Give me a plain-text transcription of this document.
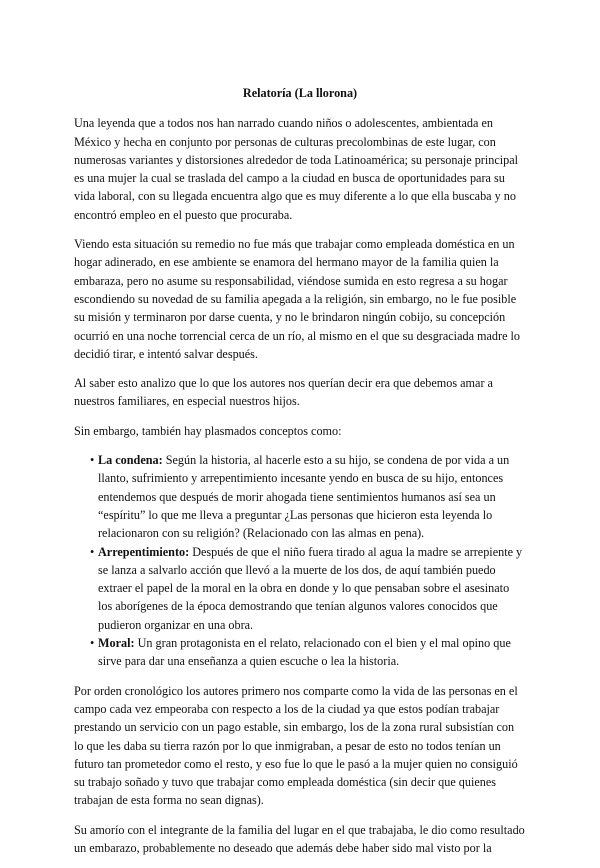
Relatoría (La llorona)

Una leyenda que a todos nos han narrado cuando niños o adolescentes, ambientada en México y hecha en conjunto por personas de culturas precolombinas de este lugar, con numerosas variantes y distorsiones alrededor de toda Latinoamérica; su personaje principal es una mujer la cual se traslada del campo a la ciudad en busca de oportunidades para su vida laboral, con su llegada encuentra algo que es muy diferente a lo que ella buscaba y no encontró empleo en el puesto que procuraba.

Viendo esta situación su remedio no fue más que trabajar como empleada doméstica en un hogar adinerado, en ese ambiente se enamora del hermano mayor de la familia quien la embaraza, pero no asume su responsabilidad, viéndose sumida en esto regresa a su hogar escondiendo su novedad de su familia apegada a la religión, sin embargo, no le fue posible su misión y terminaron por darse cuenta, y no le brindaron ningún cobijo, su concepción ocurrió en una noche torrencial cerca de un río, al mismo en el que su desgraciada madre lo decidió tirar, e intentó salvar después.

Al saber esto analizo que lo que los autores nos querían decir era que debemos amar a nuestros familiares, en especial nuestros hijos.

Sin embargo, también hay plasmados conceptos como:

• La condena: Según la historia, al hacerle esto a su hijo, se condena de por vida a un llanto, sufrimiento y arrepentimiento incesante yendo en busca de su hijo, entonces entendemos que después de morir ahogada tiene sentimientos humanos así sea un “espíritu” lo que me lleva a preguntar ¿Las personas que hicieron esta leyenda lo relacionaron con su religión? (Relacionado con las almas en pena).
• Arrepentimiento: Después de que el niño fuera tirado al agua la madre se arrepiente y se lanza a salvarlo acción que llevó a la muerte de los dos, de aquí también puedo extraer el papel de la moral en la obra en donde y lo que pensaban sobre el asesinato los aborígenes de la época demostrando que tenían algunos valores conocidos que pudieron organizar en una obra.
• Moral: Un gran protagonista en el relato, relacionado con el bien y el mal opino que sirve para dar una enseñanza a quien escuche o lea la historia.

Por orden cronológico los autores primero nos comparte como la vida de las personas en el campo cada vez empeoraba con respecto a los de la ciudad ya que estos podían trabajar prestando un servicio con un pago estable, sin embargo, los de la zona rural subsistían con lo que les daba su tierra razón por lo que inmigraban, a pesar de esto no todos tenían un futuro tan prometedor como el resto, y eso fue lo que le pasó a la mujer quien no consiguió su trabajo soñado y tuvo que trabajar como empleada doméstica (sin decir que quienes trabajan de esta forma no sean dignas).

Su amorío con el integrante de la familia del lugar en el que trabajaba, le dio como resultado un embarazo, probablemente no deseado que además debe haber sido mal visto por la
